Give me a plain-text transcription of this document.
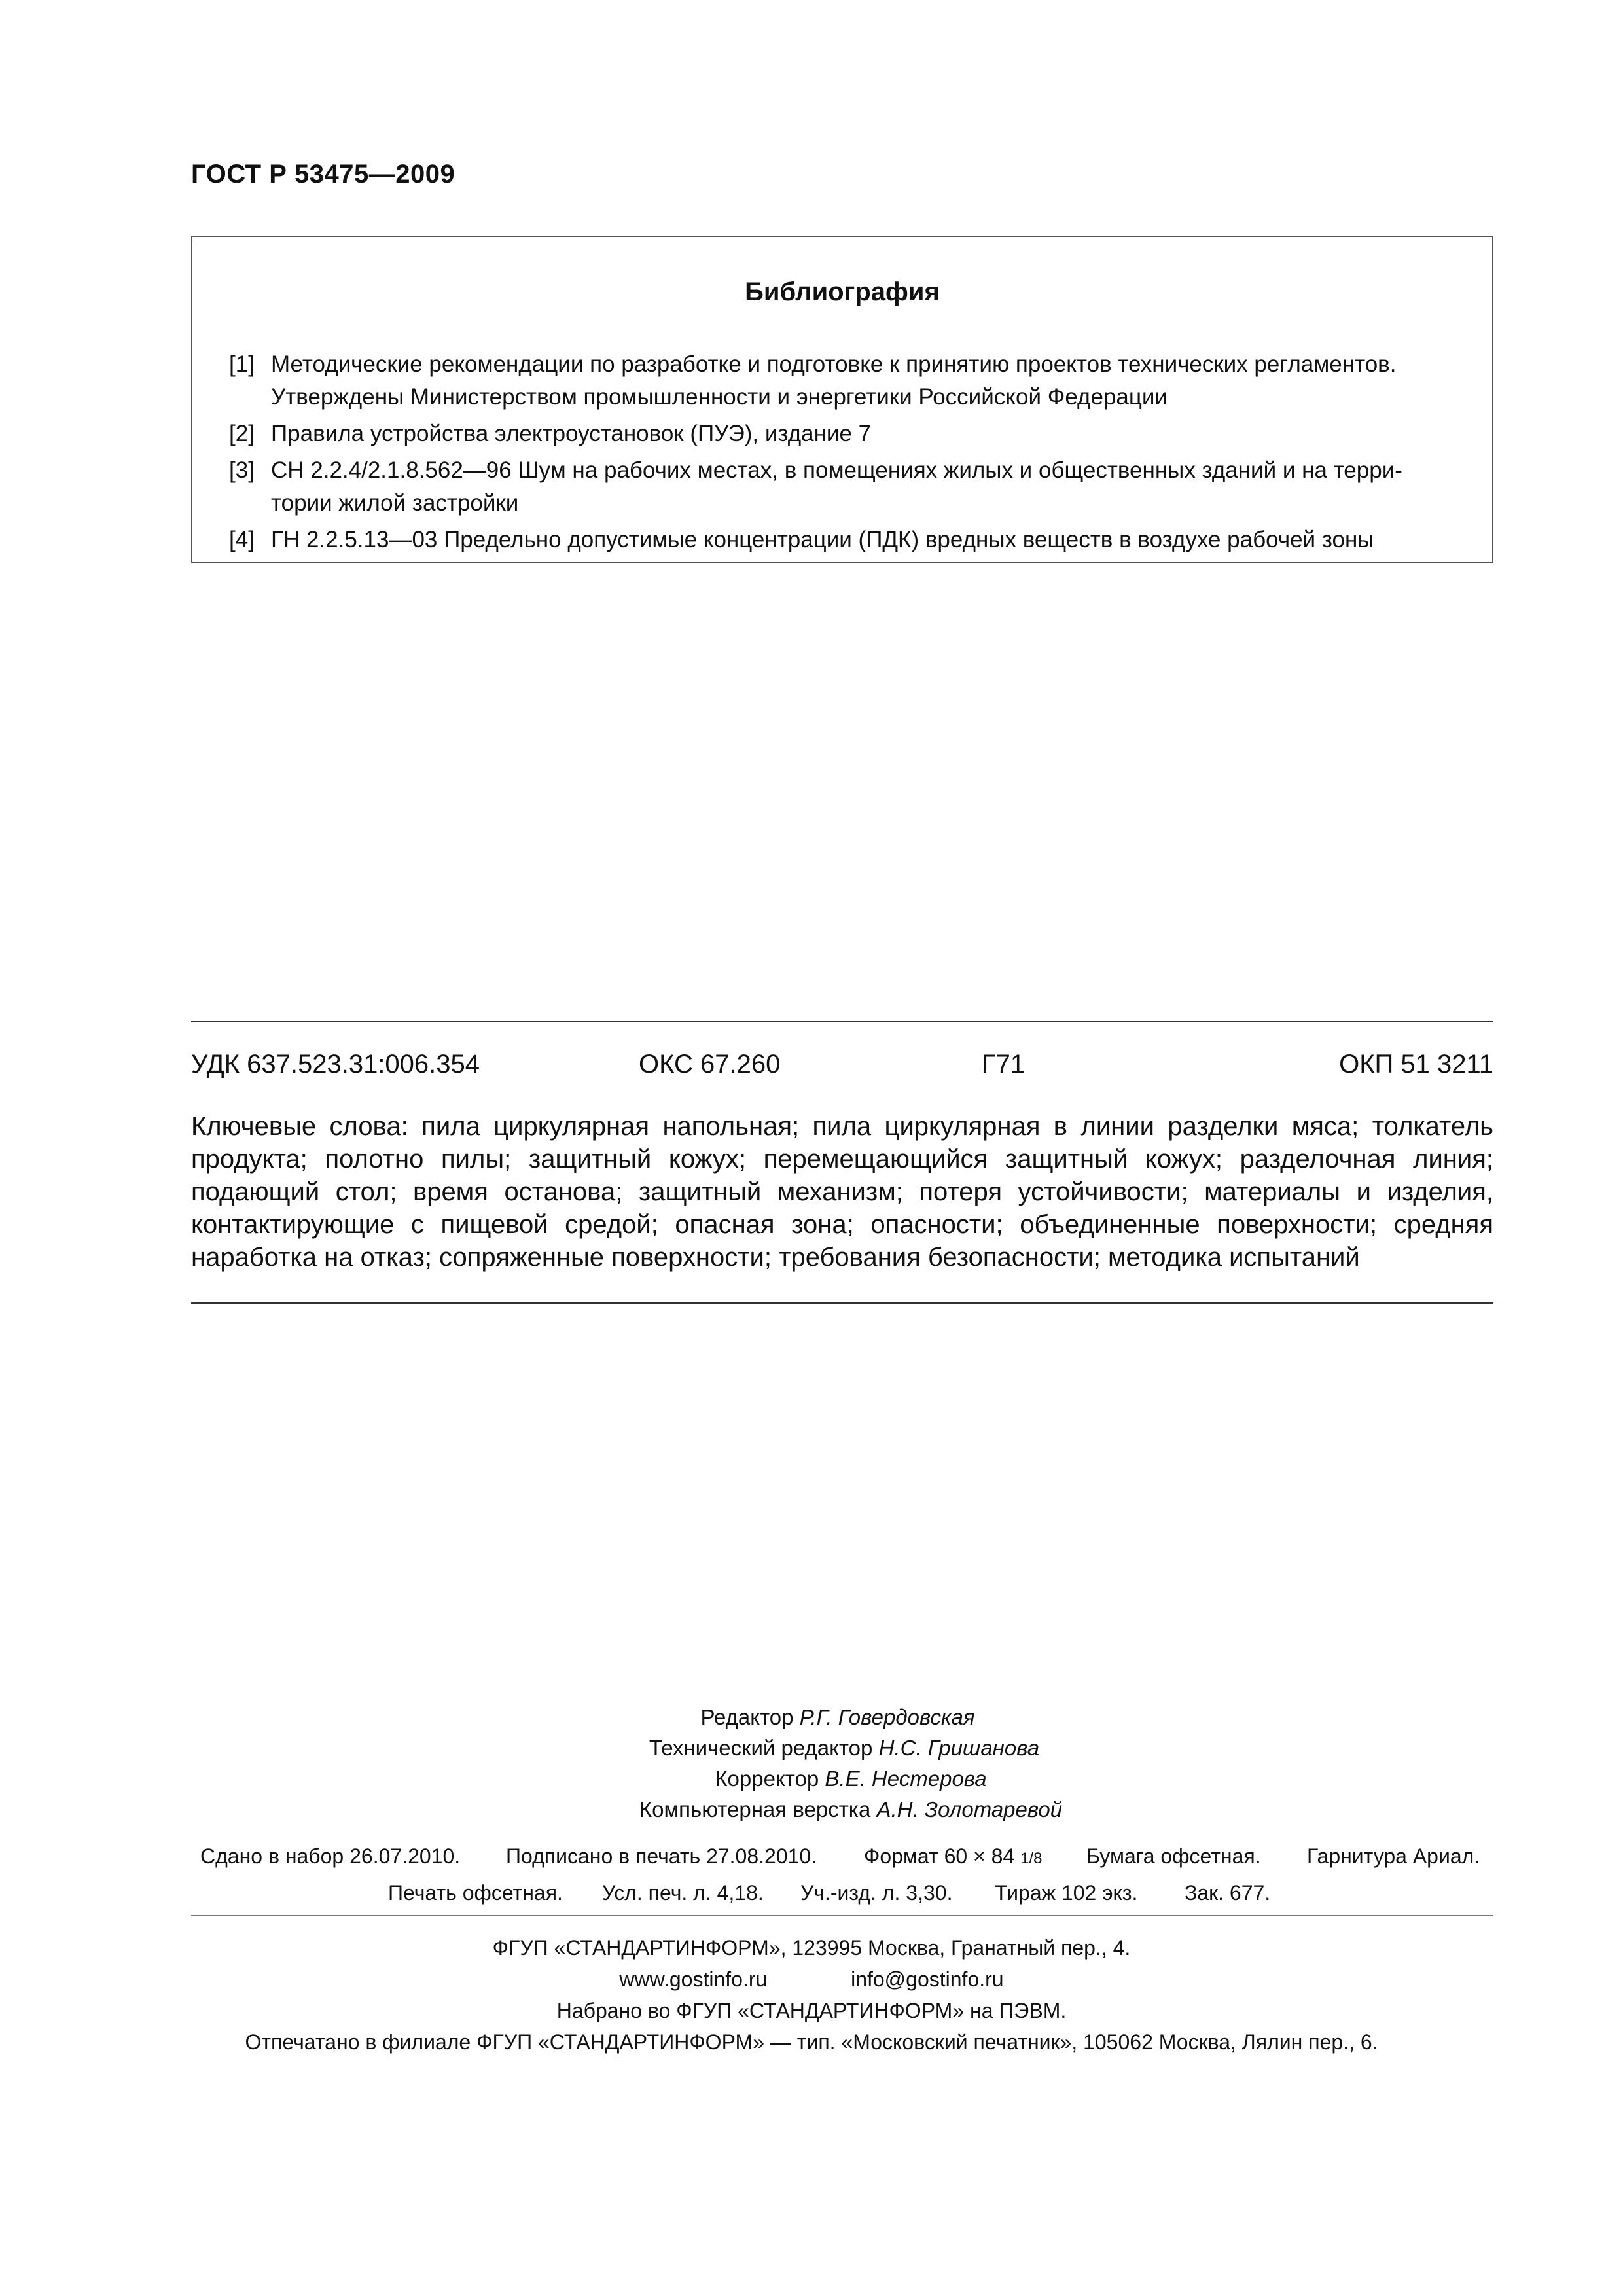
ГОСТ Р 53475—2009
Библиография
[1] Методические рекомендации по разработке и подготовке к принятию проектов технических регламентов.
Утверждены Министерством промышленности и энергетики Российской Федерации
[2] Правила устройства электроустановок (ПУЭ), издание 7
[3] СН 2.2.4/2.1.8.562—96 Шум на рабочих местах, в помещениях жилых и общественных зданий и на терри-
тории жилой застройки
[4] ГН 2.2.5.13—03 Предельно допустимые концентрации (ПДК) вредных веществ в воздухе рабочей зоны
УДК 637.523.31:006.354	ОКС 67.260	Г71	ОКП 51 3211
Ключевые слова: пила циркулярная напольная; пила циркулярная в линии разделки мяса; толкатель продукта; полотно пилы; защитный кожух; перемещающийся защитный кожух; разделочная линия; подающий стол; время останова; защитный механизм; потеря устойчивости; материалы и изделия, контактирующие с пищевой средой; опасная зона; опасности; объединенные поверхности; средняя наработка на отказ; сопряженные поверхности; требования безопасности; методика испытаний
Редактор Р.Г. Говердовская
Технический редактор Н.С. Гришанова
Корректор В.Е. Нестерова
Компьютерная верстка А.Н. Золотаревой
Сдано в набор 26.07.2010. Подписано в печать 27.08.2010. Формат 60 × 84 1/8 Бумага офсетная. Гарнитура Ариал.
Печать офсетная. Усл. печ. л. 4,18. Уч.-изд. л. 3,30. Тираж 102 экз. Зак. 677.
ФГУП «СТАНДАРТИНФОРМ», 123995 Москва, Гранатный пер., 4.
www.gostinfo.ru	info@gostinfo.ru
Набрано во ФГУП «СТАНДАРТИНФОРМ» на ПЭВМ.
Отпечатано в филиале ФГУП «СТАНДАРТИНФОРМ» — тип. «Московский печатник», 105062 Москва, Лялин пер., 6.
